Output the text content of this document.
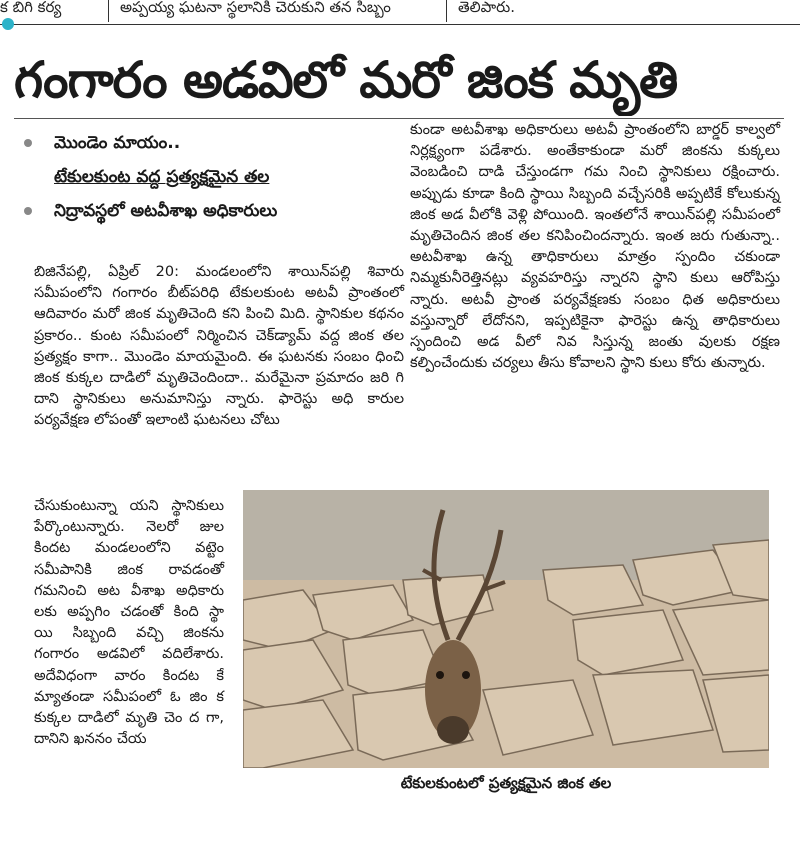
క బిగి కర్య	అప్పయ్య ఘటనా స్థలానికి చెరుకుని తన సిబ్బం	తెలిపారు.
గంగారం అడవిలో మరో జింక మృతి
మొండెం మాయం..
టేకులకుంట వద్ద ప్రత్యక్షమైన తల
నిద్రావస్థలో అటవీశాఖ అధికారులు

బిజినేపల్లి, ఏప్రిల్ 20: మండలంలోని శాయిన్‌పల్లి శివారు సమీపంలోని గంగారం బీట్‌పరిధి టేకులకుంట అటవీ ప్రాంతంలో ఆదివారం మరో జింక మృతిచెంది కని పించి మిది. స్థానికుల కథనం ప్రకారం.. కుంట సమీపంలో నిర్మించిన చెక్‌డ్యామ్ వద్ద జింక తల ప్రత్యక్షం కాగా.. మొండెం మాయమైంది. ఈ ఘటనకు సంబం ధించి జింక కుక్కల దాడిలో మృతిచెందిందా.. మరేమైనా ప్రమాదం జరి గి దాని స్థానికులు అనుమానిస్తు న్నారు. ఫారెస్టు అధి కారుల పర్యవేక్షణ లోపంతో ఇలాంటి ఘటనలు చోటు

చేసుకుంటున్నా యని స్థానికులు పేర్కొంటున్నారు. నెలరో జుల కిందట మండలంలోని వట్టెం సమీపానికి జింక రావడంతో గమనించి అట వీశాఖ అధికారు లకు అప్పగిం చడంతో కింది స్థా యి సిబ్బంది వచ్చి జింకను గంగారం అడవిలో వదిలేశారు. అదేవిధంగా వారం కిందట కే మ్యాతండా సమీపంలో ఓ జిం క కుక్కల దాడిలో మృతి చెం ద గా, దానిని ఖననం చేయ

కుండా అటవీశాఖ అధికారులు అటవీ ప్రాంతంలోని బార్డర్ కాల్వలో నిర్లక్ష్యంగా పడేశారు. అంతేకాకుండా మరో జింకను కుక్కలు వెంబడించి దాడి చేస్తుండగా గమ నించి స్థానికులు రక్షించారు. అప్పుడు కూడా కింది స్థాయి సిబ్బంది వచ్చేసరికి అప్పటికే కోలుకున్న జింక అడ వీలోకి వెళ్లి పోయింది. ఇంతలోనే శాయిన్‌పల్లి సమీపంలో మృతిచెందిన జింక తల కనిపించిందన్నారు. ఇంత జరు గుతున్నా.. అటవీశాఖ ఉన్న తాధికారులు మాత్రం స్పందిం చకుండా నిమ్మకునీరెత్తినట్లు వ్యవహరిస్తు న్నారని స్థాని కులు ఆరోపిస్తు న్నారు. అటవీ ప్రాంత పర్యవేక్షణకు సంబం ధిత అధికారులు వస్తున్నారో లేదోనని, ఇప్పటికైనా ఫారెస్టు ఉన్న తాధికారులు స్పందించి అడ వీలో నివ సిస్తున్న జంతు వులకు రక్షణ కల్పించేందుకు చర్యలు తీసు కోవాలని స్థాని కులు కోరు తున్నారు.

టేకులకుంటలో ప్రత్యక్షమైన జింక తల
